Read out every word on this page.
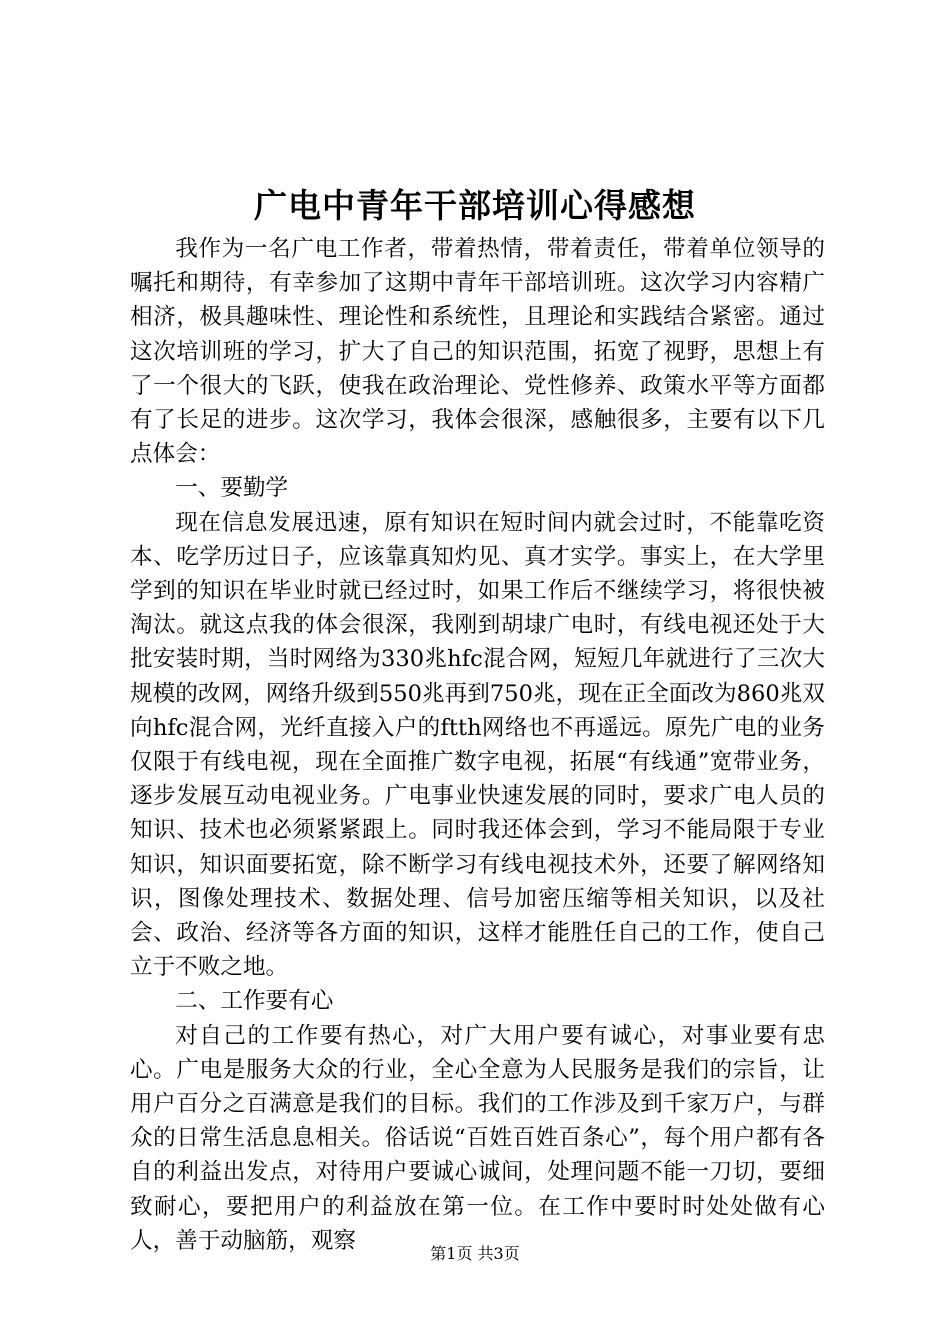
广电中青年干部培训心得感想

我作为一名广电工作者，带着热情，带着责任，带着单位领导的嘱托和期待，有幸参加了这期中青年干部培训班。这次学习内容精广相济，极具趣味性、理论性和系统性，且理论和实践结合紧密。通过这次培训班的学习，扩大了自己的知识范围，拓宽了视野，思想上有了一个很大的飞跃，使我在政治理论、党性修养、政策水平等方面都有了长足的进步。这次学习，我体会很深，感触很多，主要有以下几点体会：

一、要勤学

现在信息发展迅速，原有知识在短时间内就会过时，不能靠吃资本、吃学历过日子，应该靠真知灼见、真才实学。事实上，在大学里学到的知识在毕业时就已经过时，如果工作后不继续学习，将很快被淘汰。就这点我的体会很深，我刚到胡埭广电时，有线电视还处于大批安装时期，当时网络为330兆hfc混合网，短短几年就进行了三次大规模的改网，网络升级到550兆再到750兆，现在正全面改为860兆双向hfc混合网，光纤直接入户的ftth网络也不再遥远。原先广电的业务仅限于有线电视，现在全面推广数字电视，拓展“有线通”宽带业务，逐步发展互动电视业务。广电事业快速发展的同时，要求广电人员的知识、技术也必须紧紧跟上。同时我还体会到，学习不能局限于专业知识，知识面要拓宽，除不断学习有线电视技术外，还要了解网络知识，图像处理技术、数据处理、信号加密压缩等相关知识，以及社会、政治、经济等各方面的知识，这样才能胜任自己的工作，使自己立于不败之地。

二、工作要有心

对自己的工作要有热心，对广大用户要有诚心，对事业要有忠心。广电是服务大众的行业，全心全意为人民服务是我们的宗旨，让用户百分之百满意是我们的目标。我们的工作涉及到千家万户，与群众的日常生活息息相关。俗话说“百姓百姓百条心”，每个用户都有各自的利益出发点，对待用户要诚心诚间，处理问题不能一刀切，要细致耐心，要把用户的利益放在第一位。在工作中要时时处处做有心人，善于动脑筋，观察	第1页 共3页
